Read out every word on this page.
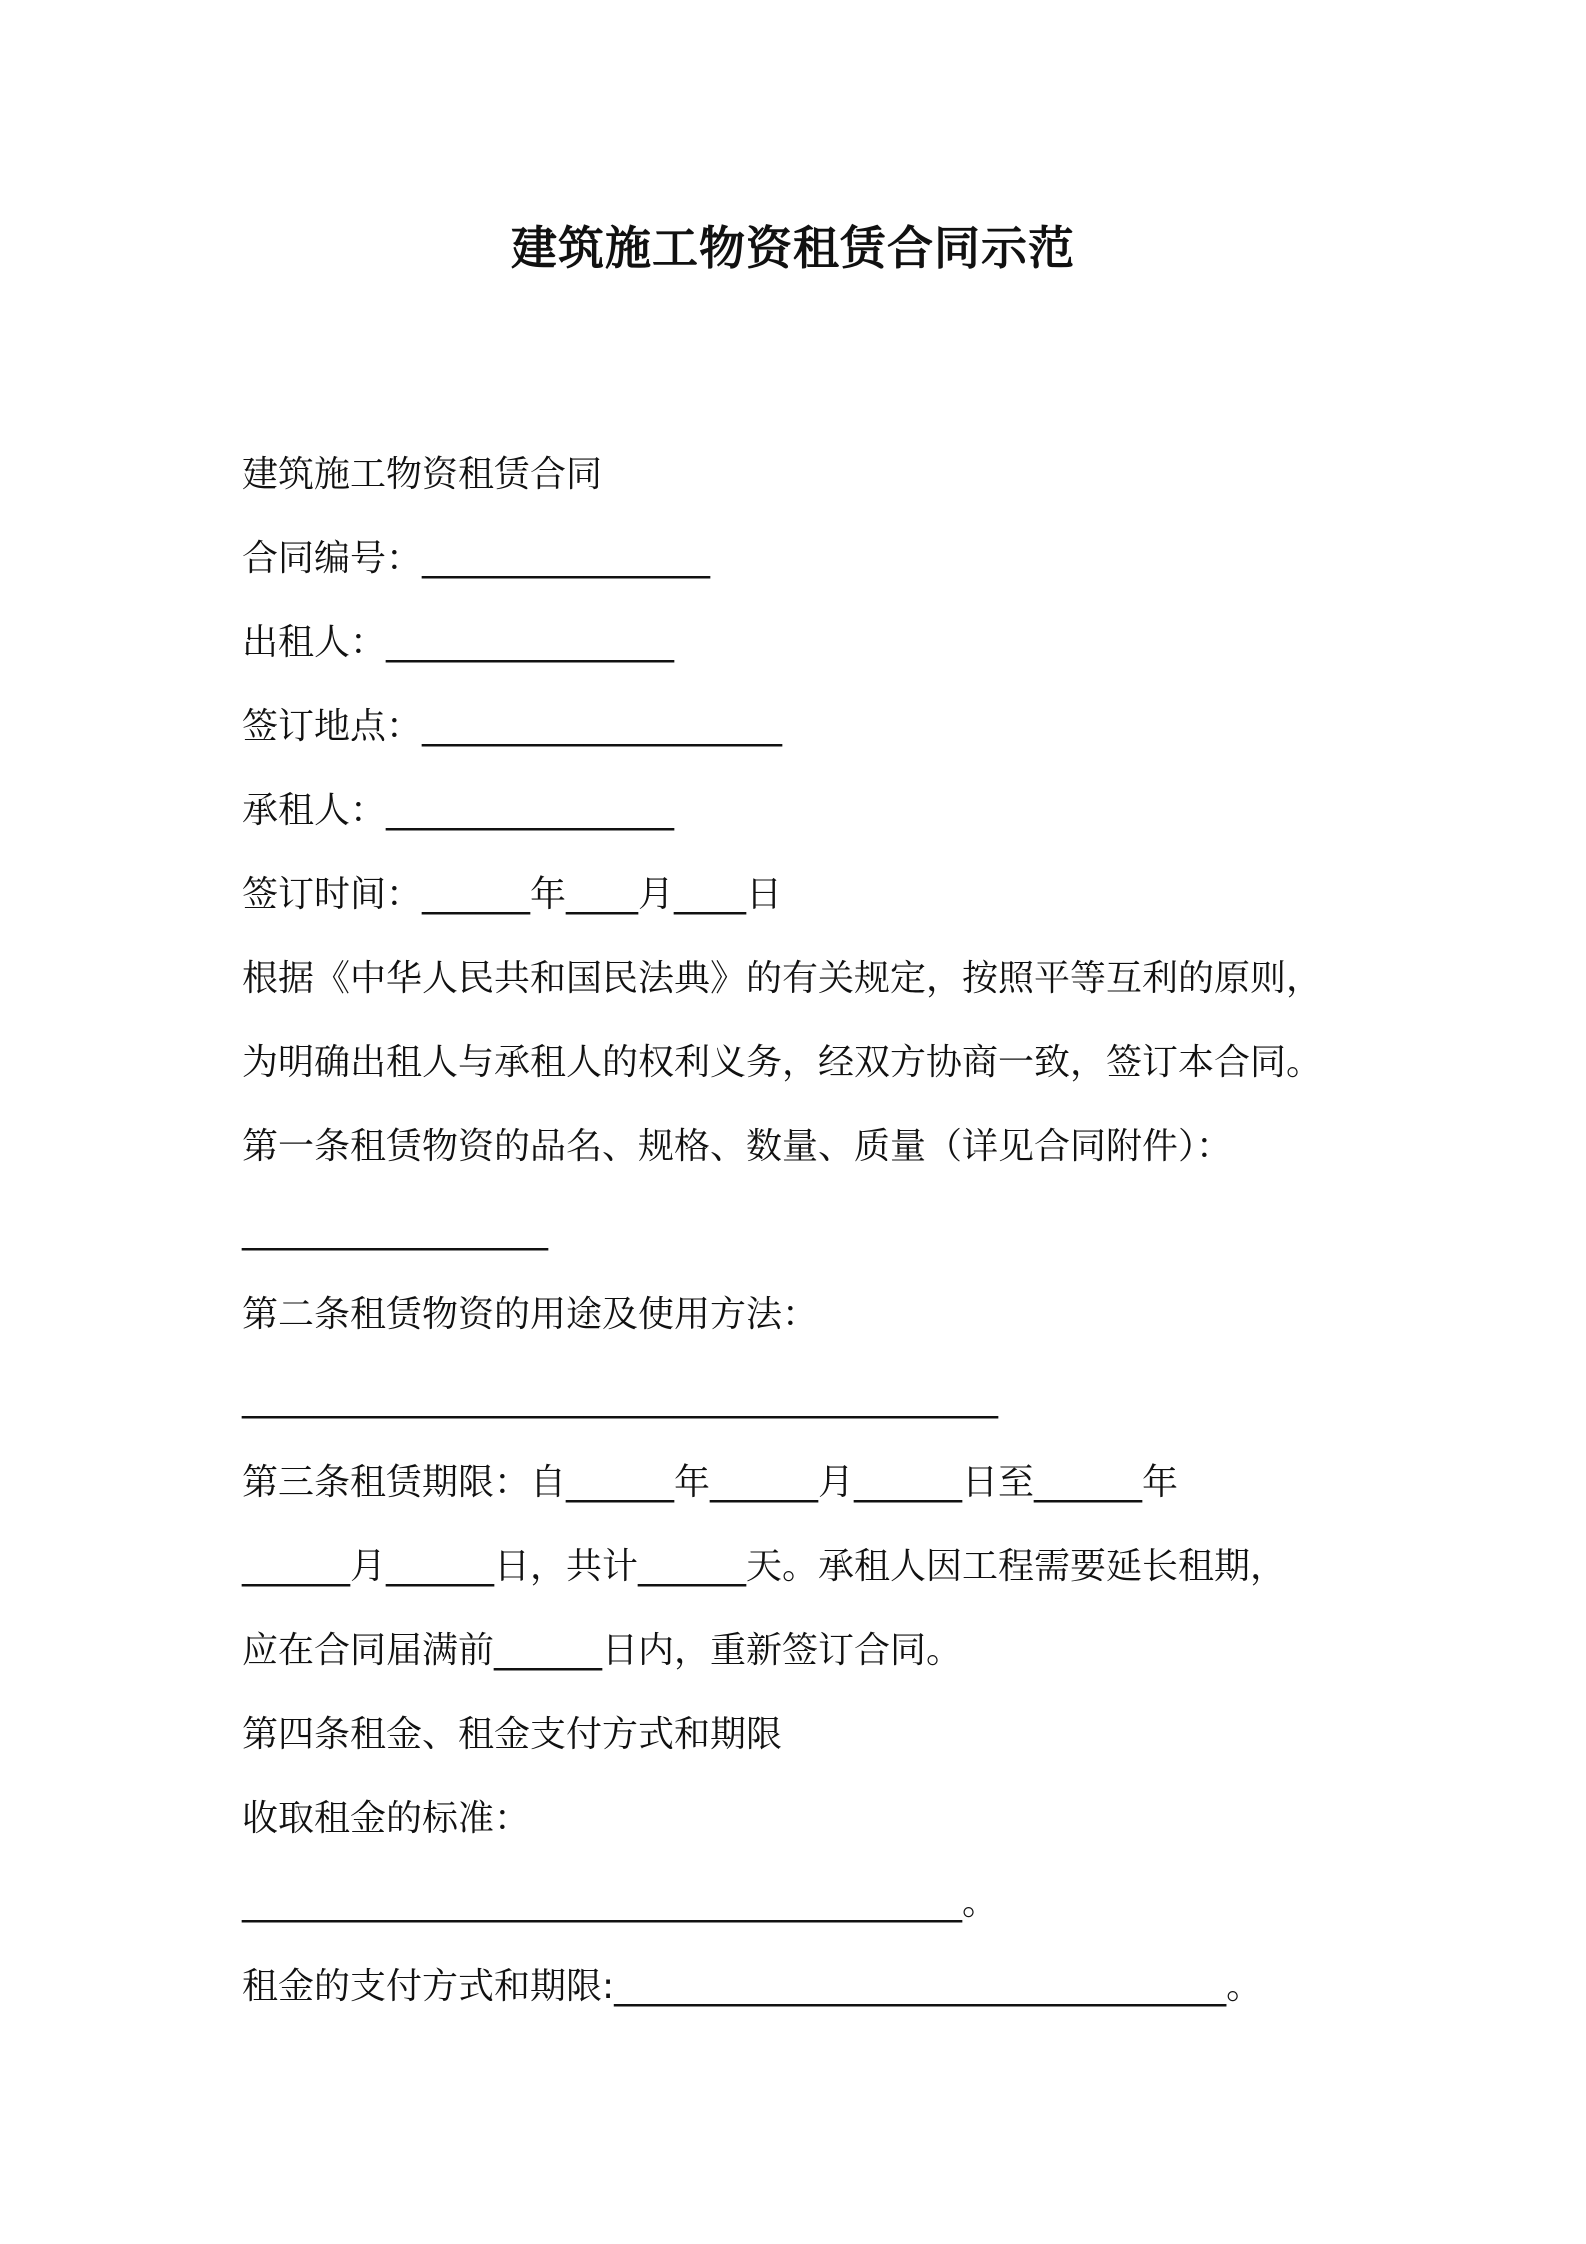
建筑施工物资租赁合同示范

建筑施工物资租赁合同

合同编号：________________

出租人：________________

签订地点：____________________

承租人：________________

签订时间：______年____月____日

根据《中华人民共和国民法典》的有关规定，按照平等互利的原则，

为明确出租人与承租人的权利义务，经双方协商一致，签订本合同。

第一条租赁物资的品名、规格、数量、质量（详见合同附件）：

_________________

第二条租赁物资的用途及使用方法：

__________________________________________

第三条租赁期限：自______年______月______日至______年

______月______日，共计______天。承租人因工程需要延长租期，

应在合同届满前______日内，重新签订合同。

第四条租金、租金支付方式和期限

收取租金的标准：

________________________________________。

租金的支付方式和期限:__________________________________。
